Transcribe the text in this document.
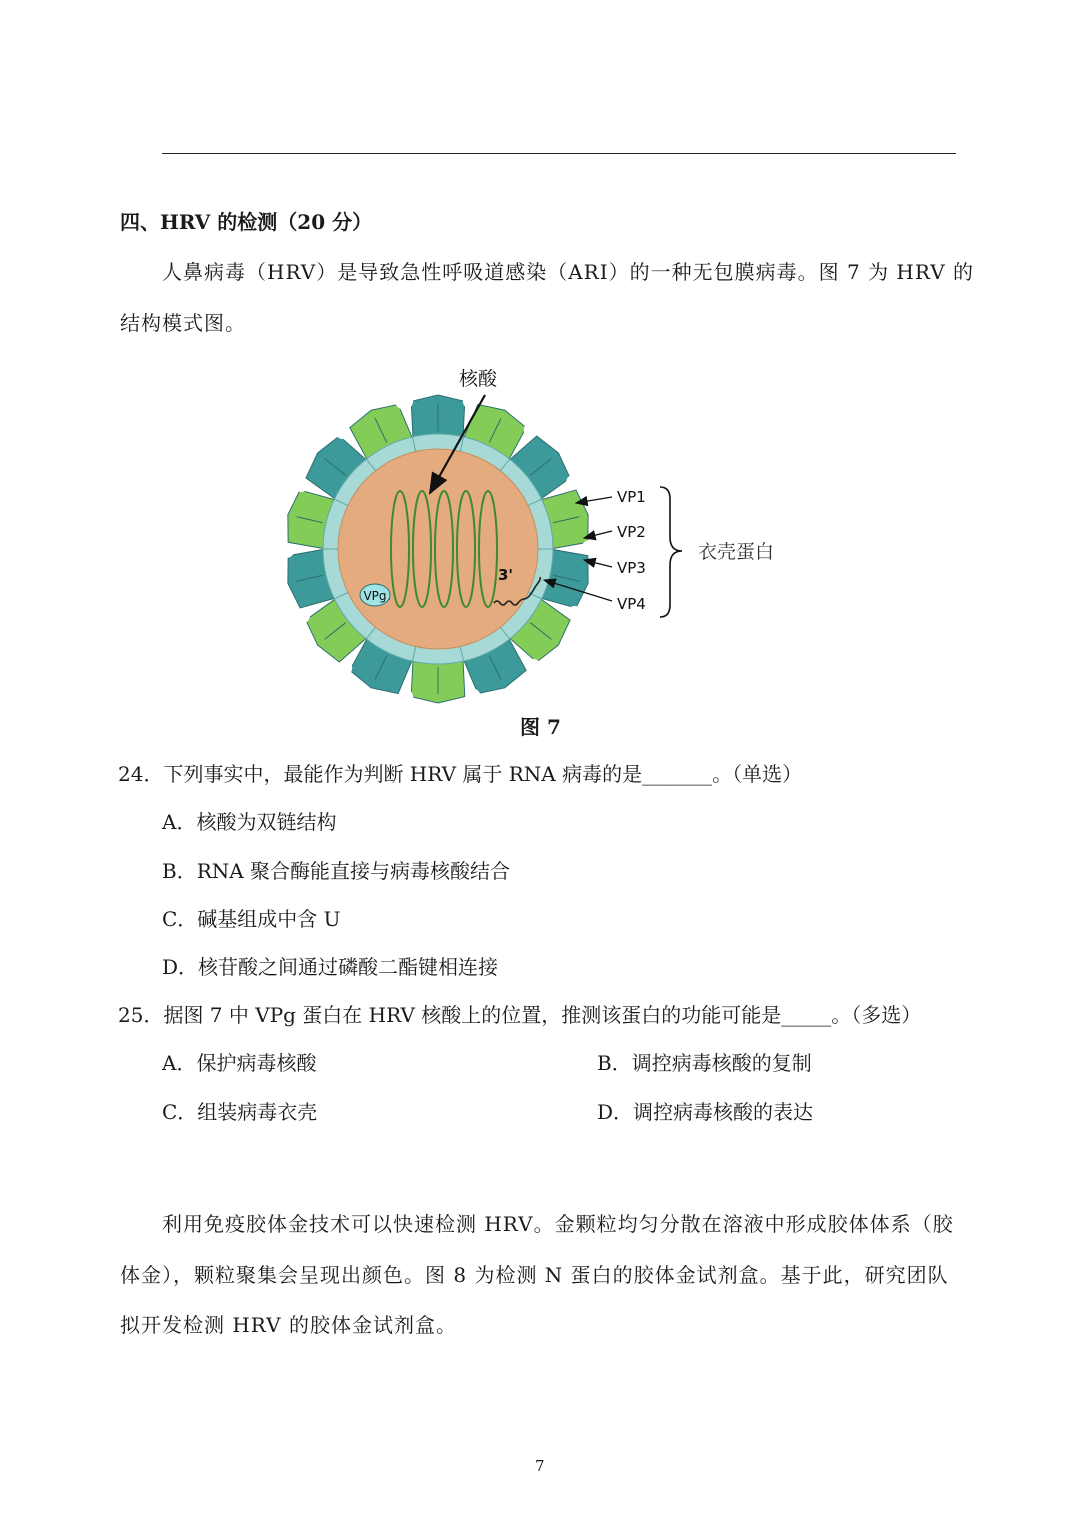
四、HRV 的检测（20 分）
人鼻病毒（HRV）是导致急性呼吸道感染（ARI）的一种无包膜病毒。图 7 为 HRV 的
结构模式图。
3'
VPg
核酸
VP1
VP2
VP3
VP4
衣壳蛋白
图 7
24．下列事实中，最能作为判断 HRV 属于 RNA 病毒的是_______。（单选）
A．核酸为双链结构
B．RNA 聚合酶能直接与病毒核酸结合
C．碱基组成中含 U
D．核苷酸之间通过磷酸二酯键相连接
25．据图 7 中 VPg 蛋白在 HRV 核酸上的位置，推测该蛋白的功能可能是_____。（多选）
A．保护病毒核酸	B．调控病毒核酸的复制
C．组装病毒衣壳	D．调控病毒核酸的表达
利用免疫胶体金技术可以快速检测 HRV。金颗粒均匀分散在溶液中形成胶体体系（胶
体金），颗粒聚集会呈现出颜色。图 8 为检测 N 蛋白的胶体金试剂盒。基于此，研究团队
拟开发检测 HRV 的胶体金试剂盒。
7
